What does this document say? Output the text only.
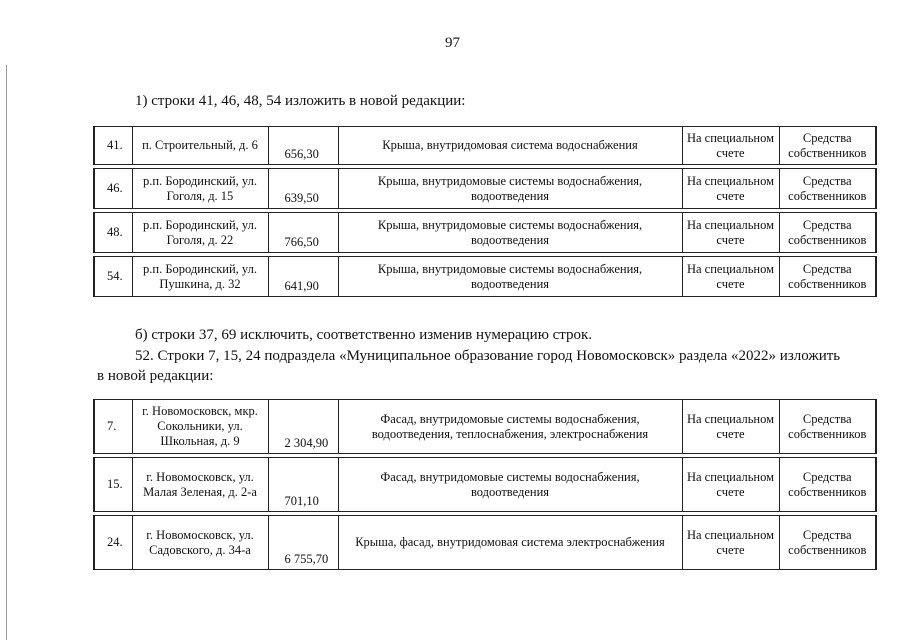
97
1) строки 41, 46, 48, 54 изложить в новой редакции:
41.	п. Строительный, д. 6	656,30	Крыша, внутридомовая система водоснабжения	На специальном счете	Средства собственников

46.	р.п. Бородинский, ул. Гоголя, д. 15	639,50	Крыша, внутридомовые системы водоснабжения, водоотведения	На специальном счете	Средства собственников

48.	р.п. Бородинский, ул. Гоголя, д. 22	766,50	Крыша, внутридомовые системы водоснабжения, водоотведения	На специальном счете	Средства собственников

54.	р.п. Бородинский, ул. Пушкина, д. 32	641,90	Крыша, внутридомовые системы водоснабжения, водоотведения	На специальном счете	Средства собственников
б) строки 37, 69 исключить, соответственно изменив нумерацию строк.
52. Строки 7, 15, 24 подраздела «Муниципальное образование город Новомосковск» раздела «2022» изложить
в новой редакции:
7.	г. Новомосковск, мкр. Сокольники, ул. Школьная, д. 9	2 304,90	Фасад, внутридомовые системы водоснабжения, водоотведения, теплоснабжения, электроснабжения	На специальном счете	Средства собственников

15.	г. Новомосковск, ул. Малая Зеленая, д. 2-а	701,10	Фасад, внутридомовые системы водоснабжения, водоотведения	На специальном счете	Средства собственников

24.	г. Новомосковск, ул. Садовского, д. 34-а	6 755,70	Крыша, фасад, внутридомовая система электроснабжения	На специальном счете	Средства собственников
